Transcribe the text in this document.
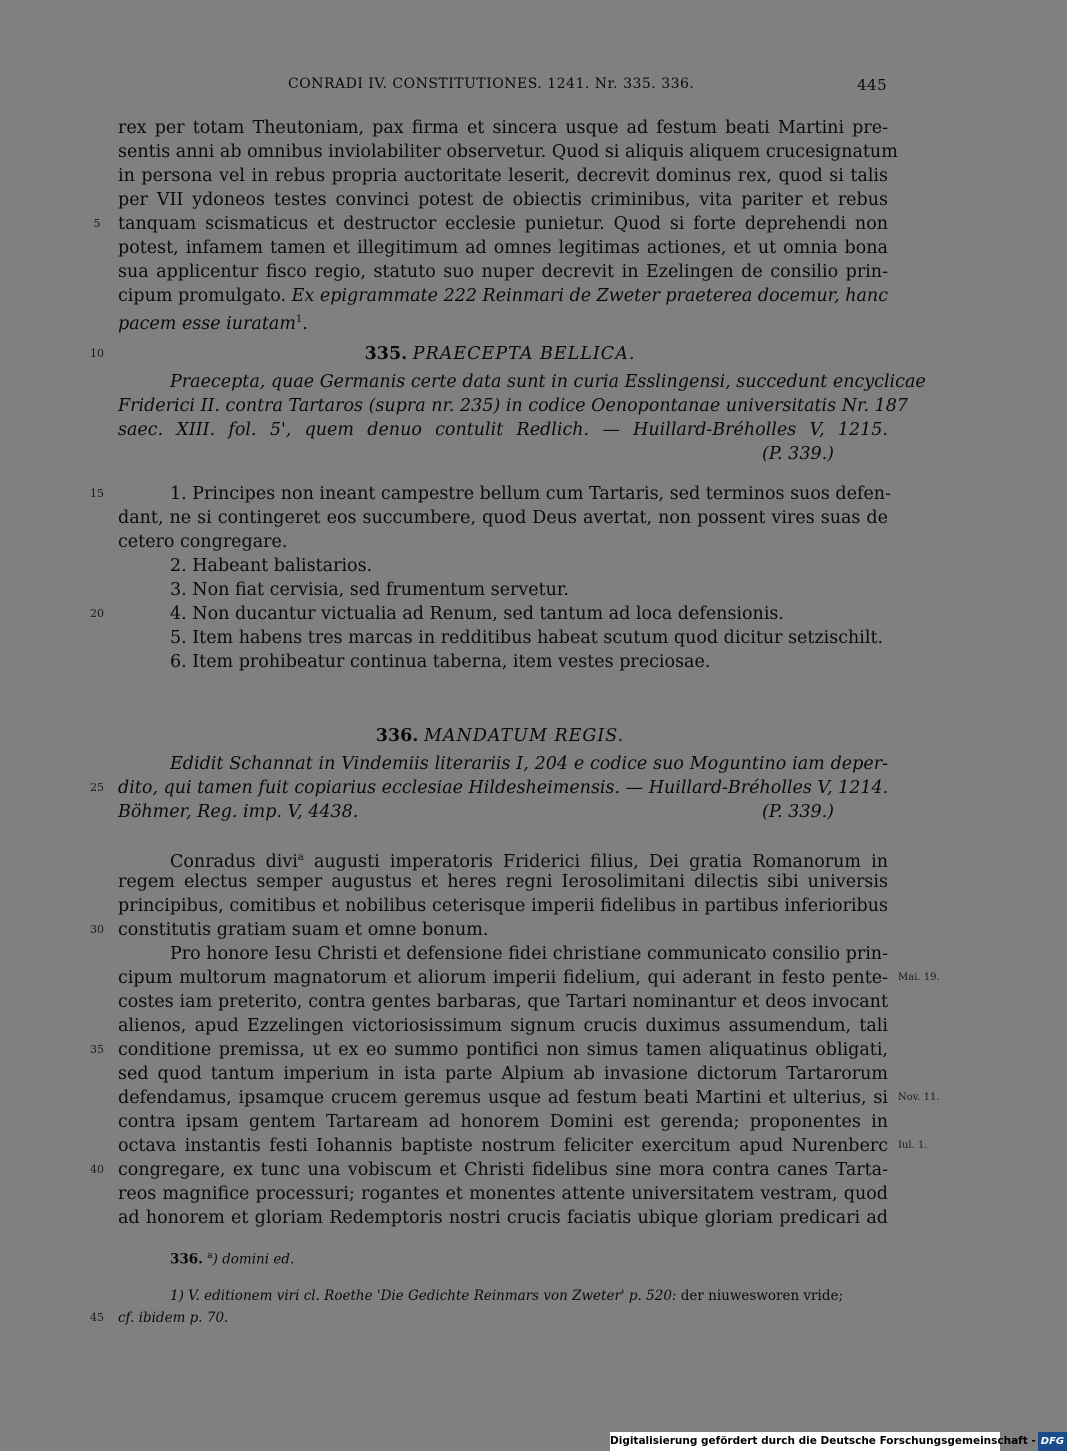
CONRADI IV. CONSTITUTIONES. 1241. Nr. 335. 336.	445
rex per totam Theutoniam, pax firma et sincera usque ad festum beati Martini pre-
sentis anni ab omnibus inviolabiliter observetur. Quod si aliquis aliquem crucesignatum
in persona vel in rebus propria auctoritate leserit, decrevit dominus rex, quod si talis
per VII ydoneos testes convinci potest de obiectis criminibus, vita pariter et rebus
5	tanquam scismaticus et destructor ecclesie punietur. Quod si forte deprehendi non
potest, infamem tamen et illegitimum ad omnes legitimas actiones, et ut omnia bona
sua applicentur fisco regio, statuto suo nuper decrevit in Ezelingen de consilio prin-
cipum promulgato. Ex epigrammate 222 Reinmari de Zweter praeterea docemur, hanc
pacem esse iuratam$^1$.
10	335. PRAECEPTA BELLICA.
Praecepta, quae Germanis certe data sunt in curia Esslingensi, succedunt encyclicae
Friderici II. contra Tartaros (supra nr. 235) in codice Oenopontanae universitatis Nr. 187
saec. XIII. fol. 5', quem denuo contulit Redlich. — Huillard-Bréholles V, 1215.
(P. 339.)
15	1. Principes non ineant campestre bellum cum Tartaris, sed terminos suos defen-
dant, ne si contingeret eos succumbere, quod Deus avertat, non possent vires suas de
cetero congregare.
2. Habeant balistarios.
3. Non fiat cervisia, sed frumentum servetur.
20	4. Non ducantur victualia ad Renum, sed tantum ad loca defensionis.
5. Item habens tres marcas in redditibus habeat scutum quod dicitur setzischilt.
6. Item prohibeatur continua taberna, item vestes preciosae.
336. MANDATUM REGIS.
Edidit Schannat in Vindemiis literariis I, 204 e codice suo Moguntino iam deper-
25 dito, qui tamen fuit copiarius ecclesiae Hildesheimensis. — Huillard-Bréholles V, 1214.
Böhmer, Reg. imp. V, 4438.	(P. 339.)
Conradus divi$^a$ augusti imperatoris Friderici filius, Dei gratia Romanorum in
regem electus semper augustus et heres regni Ierosolimitani dilectis sibi universis
principibus, comitibus et nobilibus ceterisque imperii fidelibus in partibus inferioribus
30 constitutis gratiam suam et omne bonum.
Pro honore Iesu Christi et defensione fidei christiane communicato consilio prin-
cipum multorum magnatorum et aliorum imperii fidelium, qui aderant in festo pente- Mai. 19.
costes iam preterito, contra gentes barbaras, que Tartari nominantur et deos invocant
alienos, apud Ezzelingen victoriosissimum signum crucis duximus assumendum, tali
35 conditione premissa, ut ex eo summo pontifici non simus tamen aliquatinus obligati,
sed quod tantum imperium in ista parte Alpium ab invasione dictorum Tartarorum
defendamus, ipsamque crucem geremus usque ad festum beati Martini et ulterius, si Nov. 11.
contra ipsam gentem Tartaream ad honorem Domini est gerenda; proponentes in
octava instantis festi Iohannis baptiste nostrum feliciter exercitum apud Nurenberc Iul. 1.
40 congregare, ex tunc una vobiscum et Christi fidelibus sine mora contra canes Tarta-
reos magnifice processuri; rogantes et monentes attente universitatem vestram, quod
ad honorem et gloriam Redemptoris nostri crucis faciatis ubique gloriam predicari ad
336. $^a$) domini ed.
1) V. editionem viri cl. Roethe 'Die Gedichte Reinmars von Zweter' p. 520: der niuwesworen vride;
45 cf. ibidem p. 70.
Digitalisierung gefördert durch die Deutsche Forschungsgemeinschaft - DFG
